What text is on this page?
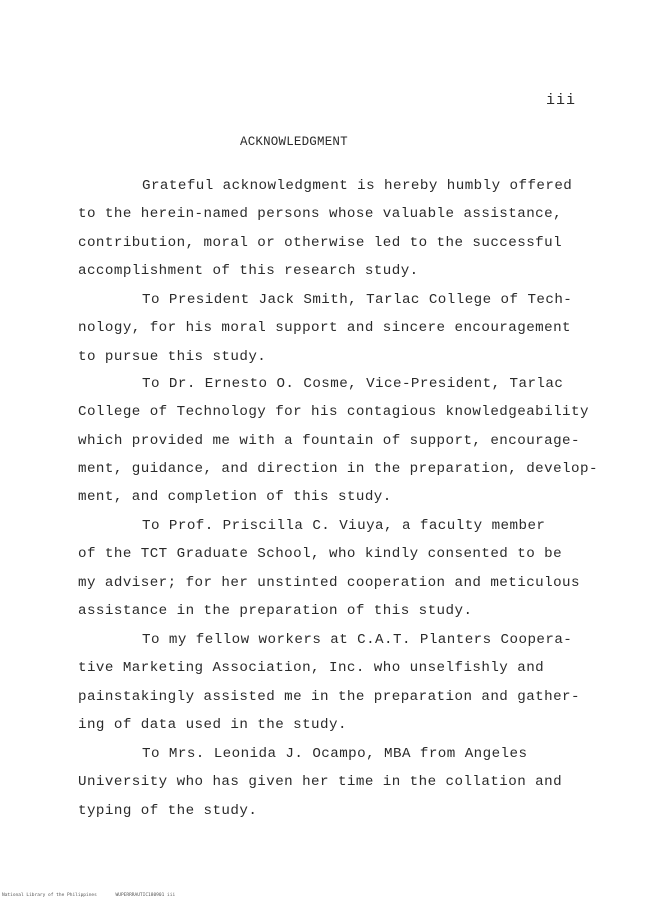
iii
ACKNOWLEDGMENT
Grateful acknowledgment is hereby humbly offered
to the herein-named persons whose valuable assistance,
contribution, moral or otherwise led to the successful
accomplishment of this research study.
To President Jack Smith, Tarlac College of Tech-
nology, for his moral support and sincere encouragement
to pursue this study.
To Dr. Ernesto O. Cosme, Vice-President, Tarlac
College of Technology for his contagious knowledgeability
which provided me with a fountain of support, encourage-
ment, guidance, and direction in the preparation, develop-
ment, and completion of this study.
To Prof. Priscilla C. Viuya, a faculty member
of the TCT Graduate School, who kindly consented to be
my adviser; for her unstinted cooperation and meticulous
assistance in the preparation of this study.
To my fellow workers at C.A.T. Planters Coopera-
tive Marketing Association, Inc. who unselfishly and
painstakingly assisted me in the preparation and gather-
ing of data used in the study.
To Mrs. Leonida J. Ocampo, MBA from Angeles
University who has given her time in the collation and
typing of the study.
National Library of the Philippines	WUPERRRAUTIC180901 iii
